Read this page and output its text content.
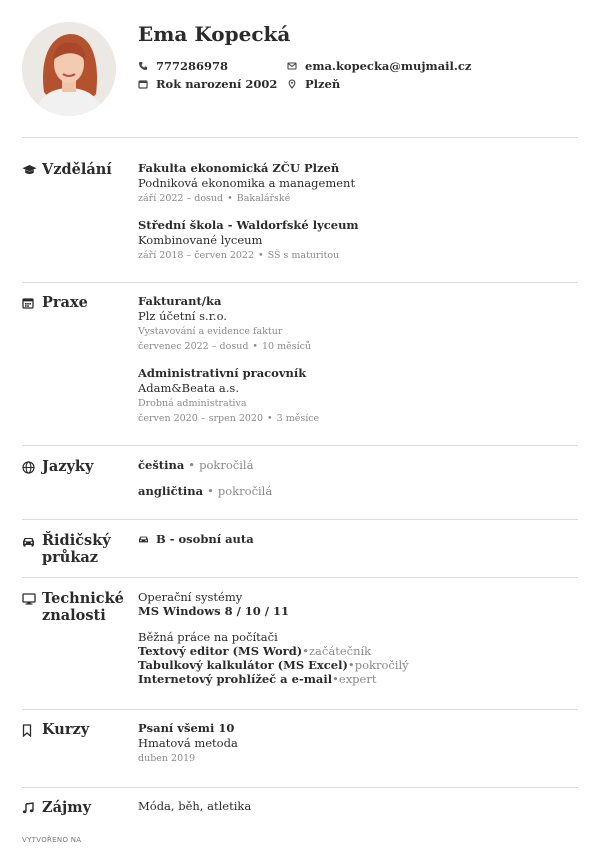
Ema Kopecká
777286978
Rok narození 2002
ema.kopecka@mujmail.cz
Plzeň
Vzdělání Fakulta ekonomická ZČU Plzeň
Podniková ekonomika a management
září 2022 – dosud • Bakalářské
Střední škola - Waldorfské lyceum
Kombinované lyceum
září 2018 – červen 2022 • SŠ s maturitou
Praxe	Fakturant/ka
Plz účetní s.r.o.
Vystavování a evidence faktur
červenec 2022 – dosud • 10 měsíců
Administrativní pracovník
Adam&Beata a.s.
Drobná administrativa
červen 2020 – srpen 2020 • 3 měsíce
Jazyky	čeština • pokročilá
angličtina • pokročilá
Řidičský
průkaz
B - osobní auta
Technické
znalosti
Operační systémy
MS Windows 8 / 10 / 11
Běžná práce na počítači
Textový editor (MS Word)•začátečník
Tabulkový kalkulátor (MS Excel)•pokročilý
Internetový prohlížeč a e-mail•expert
Kurzy	Psaní všemi 10
Hmatová metoda
duben 2019
Zájmy	Móda, běh, atletika
VYTVOŘENO NA
